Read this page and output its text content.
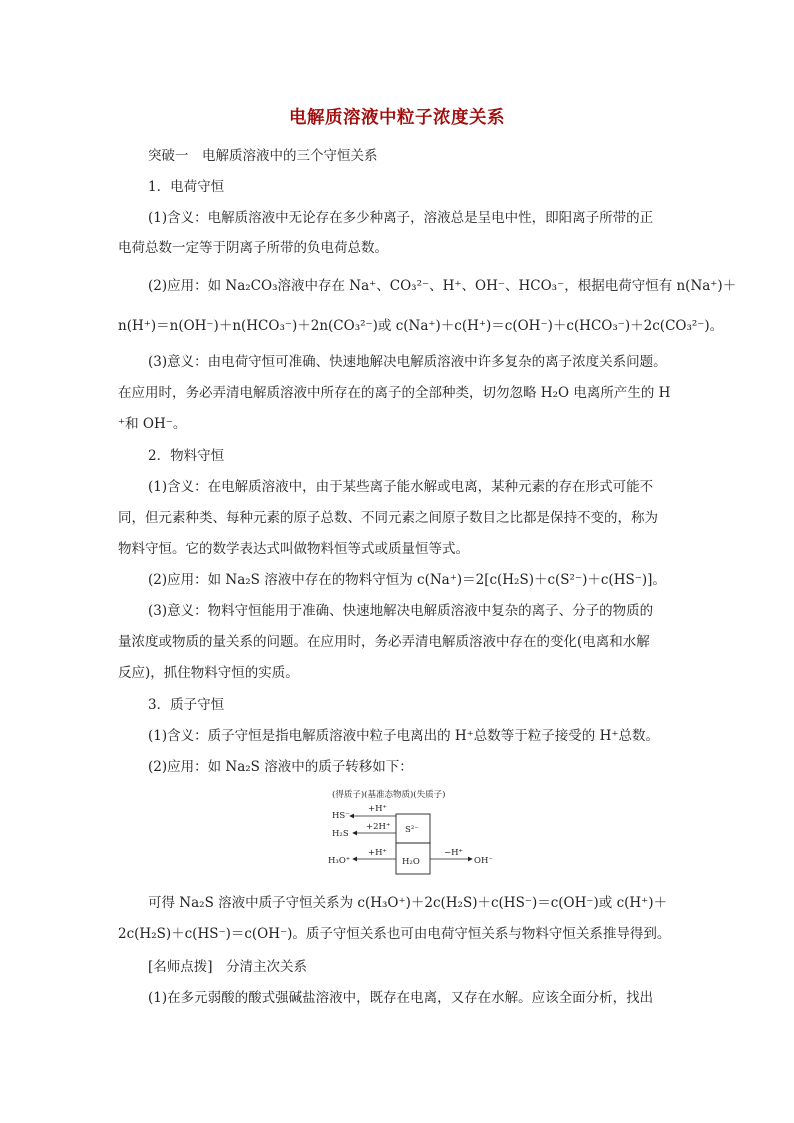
电解质溶液中粒子浓度关系
突破一　电解质溶液中的三个守恒关系
1．电荷守恒
(1)含义：电解质溶液中无论存在多少种离子，溶液总是呈电中性，即阳离子所带的正
电荷总数一定等于阴离子所带的负电荷总数。
(2)应用：如 Na₂CO₃溶液中存在 Na⁺、CO₃²⁻、H⁺、OH⁻、HCO₃⁻，根据电荷守恒有 n(Na⁺)＋
n(H⁺)＝n(OH⁻)＋n(HCO₃⁻)＋2n(CO₃²⁻)或 c(Na⁺)＋c(H⁺)＝c(OH⁻)＋c(HCO₃⁻)＋2c(CO₃²⁻)。
(3)意义：由电荷守恒可准确、快速地解决电解质溶液中许多复杂的离子浓度关系问题。
在应用时，务必弄清电解质溶液中所存在的离子的全部种类，切勿忽略 H₂O 电离所产生的 H
⁺和 OH⁻。
2．物料守恒
(1)含义：在电解质溶液中，由于某些离子能水解或电离，某种元素的存在形式可能不
同，但元素种类、每种元素的原子总数、不同元素之间原子数目之比都是保持不变的，称为
物料守恒。它的数学表达式叫做物料恒等式或质量恒等式。
(2)应用：如 Na₂S 溶液中存在的物料守恒为 c(Na⁺)＝2[c(H₂S)＋c(S²⁻)＋c(HS⁻)]。
(3)意义：物料守恒能用于准确、快速地解决电解质溶液中复杂的离子、分子的物质的
量浓度或物质的量关系的问题。在应用时，务必弄清电解质溶液中存在的变化(电离和水解
反应)，抓住物料守恒的实质。
3．质子守恒
(1)含义：质子守恒是指电解质溶液中粒子电离出的 H⁺总数等于粒子接受的 H⁺总数。
(2)应用：如 Na₂S 溶液中的质子转移如下：
(得质子)(基准态物质)(失质子)
S²⁻
H₂O
HS⁻
+H⁺
H₂S
+2H⁺
H₃O⁺
+H⁺	−H⁺
OH⁻
可得 Na₂S 溶液中质子守恒关系为 c(H₃O⁺)＋2c(H₂S)＋c(HS⁻)＝c(OH⁻)或 c(H⁺)＋
2c(H₂S)＋c(HS⁻)＝c(OH⁻)。质子守恒关系也可由电荷守恒关系与物料守恒关系推导得到。
[名师点拨]　分清主次关系
(1)在多元弱酸的酸式强碱盐溶液中，既存在电离，又存在水解。应该全面分析，找出
